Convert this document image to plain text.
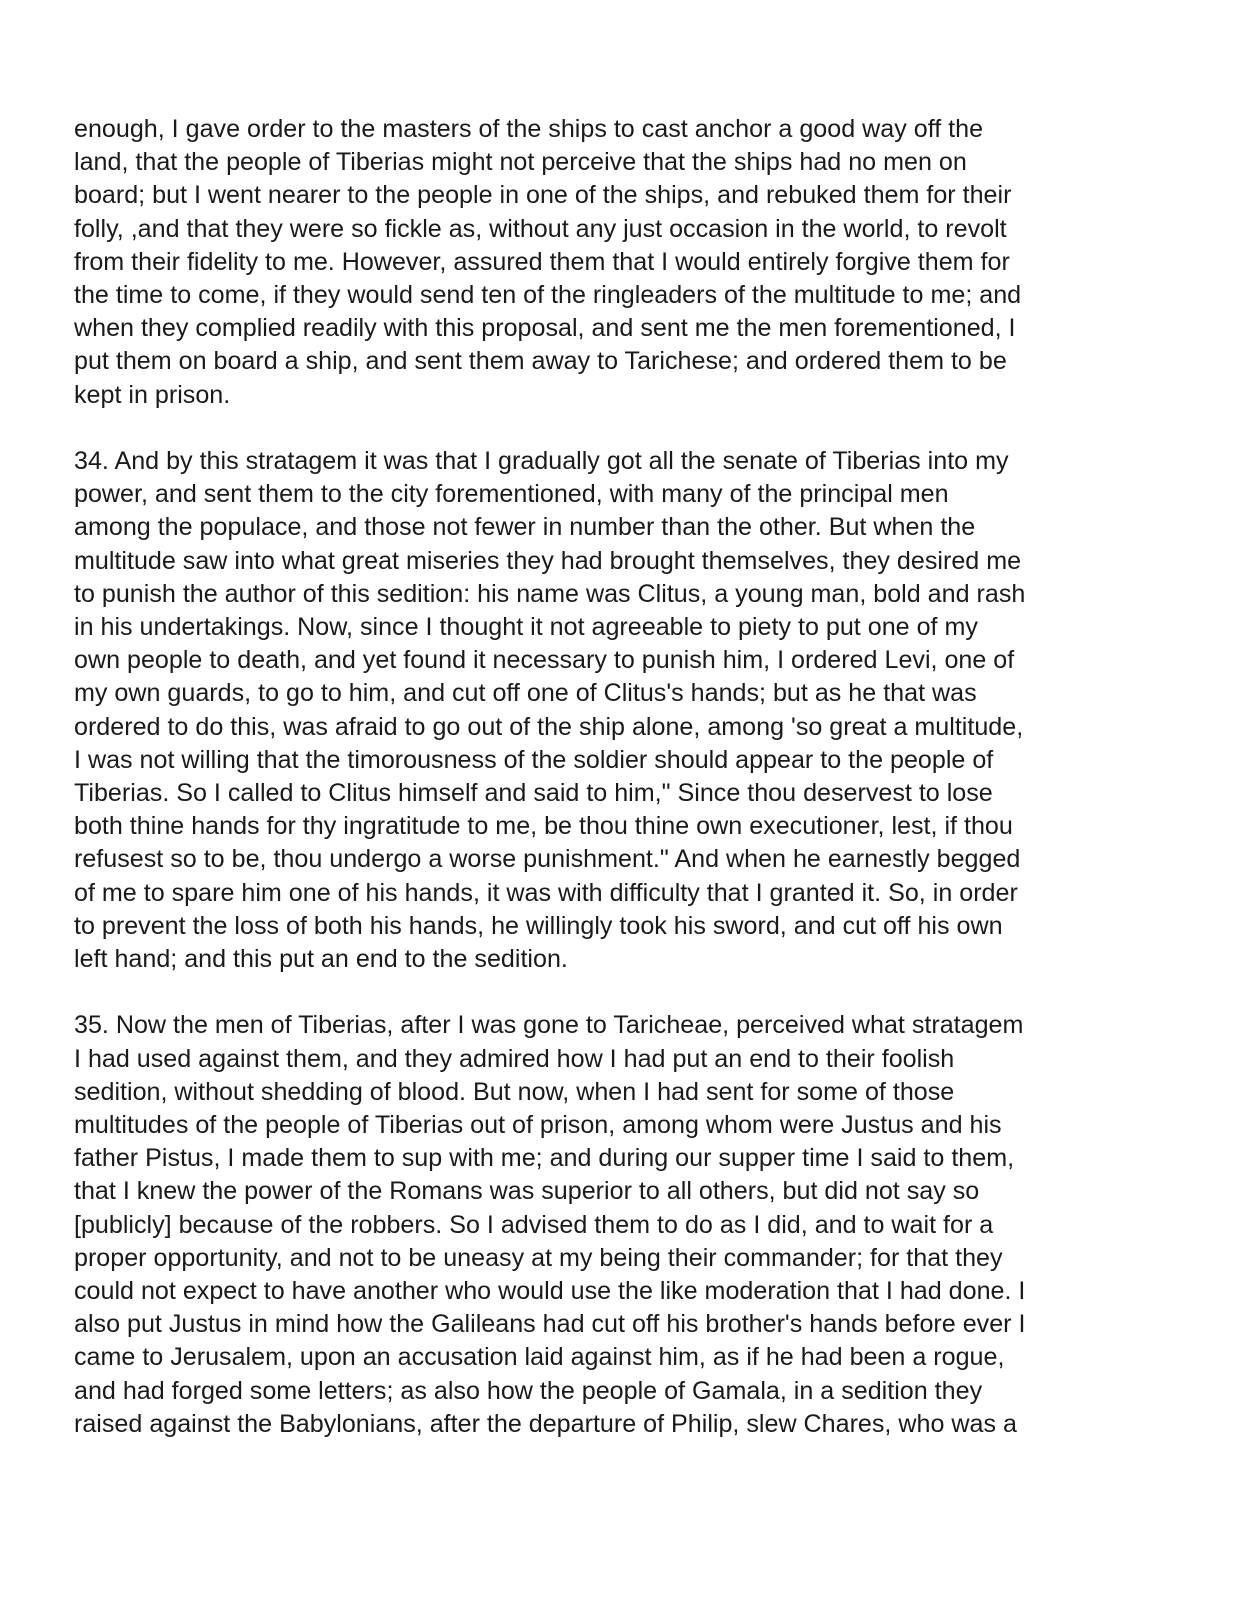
enough, I gave order to the masters of the ships to cast anchor a good way off the
land, that the people of Tiberias might not perceive that the ships had no men on
board; but I went nearer to the people in one of the ships, and rebuked them for their
folly, ,and that they were so fickle as, without any just occasion in the world, to revolt
from their fidelity to me. However, assured them that I would entirely forgive them for
the time to come, if they would send ten of the ringleaders of the multitude to me; and
when they complied readily with this proposal, and sent me the men forementioned, I
put them on board a ship, and sent them away to Tarichese; and ordered them to be
kept in prison.

34. And by this stratagem it was that I gradually got all the senate of Tiberias into my
power, and sent them to the city forementioned, with many of the principal men
among the populace, and those not fewer in number than the other. But when the
multitude saw into what great miseries they had brought themselves, they desired me
to punish the author of this sedition: his name was Clitus, a young man, bold and rash
in his undertakings. Now, since I thought it not agreeable to piety to put one of my
own people to death, and yet found it necessary to punish him, I ordered Levi, one of
my own guards, to go to him, and cut off one of Clitus's hands; but as he that was
ordered to do this, was afraid to go out of the ship alone, among 'so great a multitude,
I was not willing that the timorousness of the soldier should appear to the people of
Tiberias. So I called to Clitus himself and said to him," Since thou deservest to lose
both thine hands for thy ingratitude to me, be thou thine own executioner, lest, if thou
refusest so to be, thou undergo a worse punishment." And when he earnestly begged
of me to spare him one of his hands, it was with difficulty that I granted it. So, in order
to prevent the loss of both his hands, he willingly took his sword, and cut off his own
left hand; and this put an end to the sedition.

35. Now the men of Tiberias, after I was gone to Taricheae, perceived what stratagem
I had used against them, and they admired how I had put an end to their foolish
sedition, without shedding of blood. But now, when I had sent for some of those
multitudes of the people of Tiberias out of prison, among whom were Justus and his
father Pistus, I made them to sup with me; and during our supper time I said to them,
that I knew the power of the Romans was superior to all others, but did not say so
[publicly] because of the robbers. So I advised them to do as I did, and to wait for a
proper opportunity, and not to be uneasy at my being their commander; for that they
could not expect to have another who would use the like moderation that I had done. I
also put Justus in mind how the Galileans had cut off his brother's hands before ever I
came to Jerusalem, upon an accusation laid against him, as if he had been a rogue,
and had forged some letters; as also how the people of Gamala, in a sedition they
raised against the Babylonians, after the departure of Philip, slew Chares, who was a
